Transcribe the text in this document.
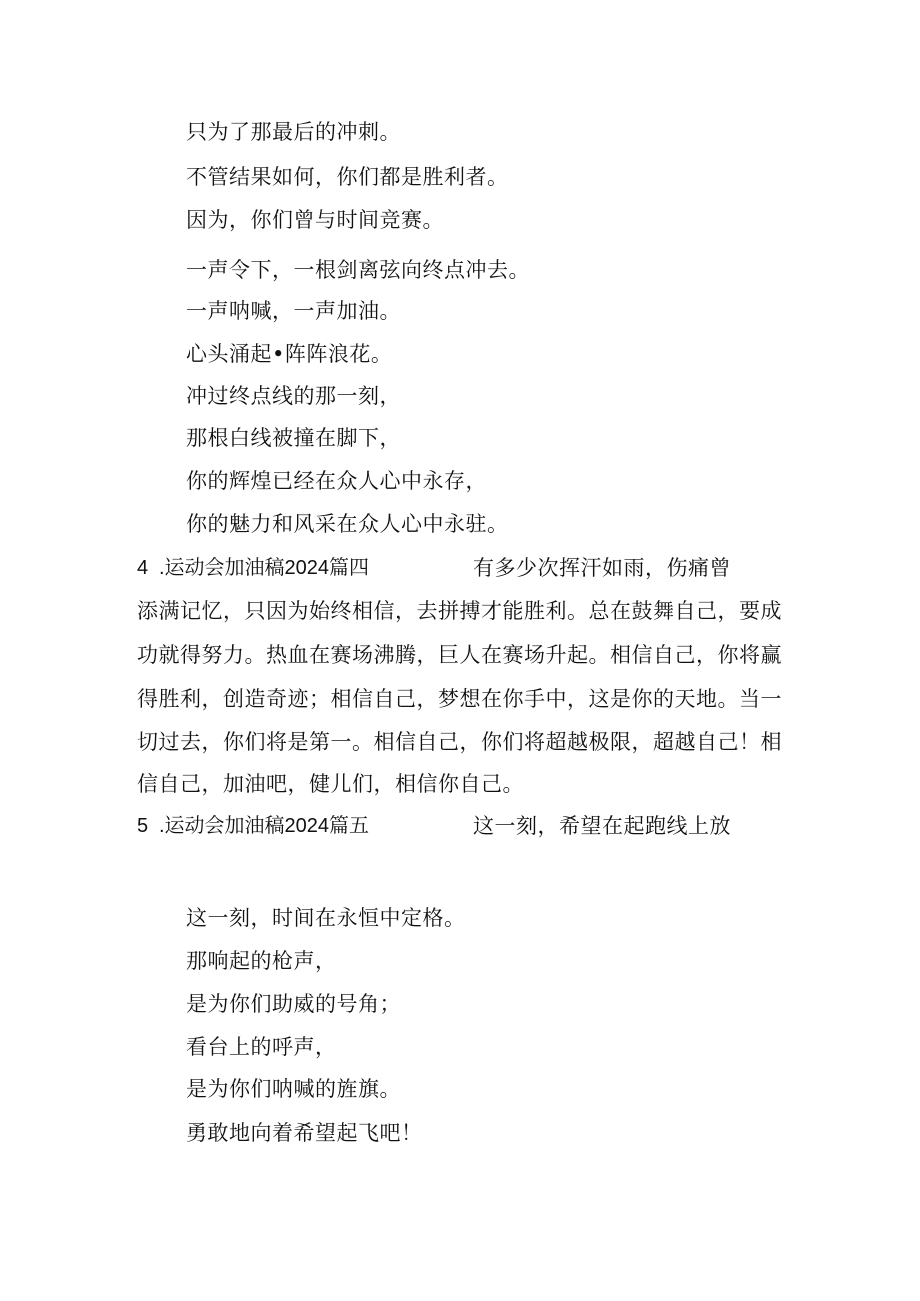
只为了那最后的冲刺。
不管结果如何，你们都是胜利者。
因为，你们曾与时间竞赛。
一声令下，一根剑离弦向终点冲去。
一声呐喊，一声加油。
心头涌起•阵阵浪花。
冲过终点线的那一刻，
那根白线被撞在脚下，
你的辉煌已经在众人心中永存，
你的魅力和风采在众人心中永驻。
4 .运动会加油稿2024篇四	有多少次挥汗如雨，伤痛曾
添满记忆，只因为始终相信，去拼搏才能胜利。总在鼓舞自己，要成
功就得努力。热血在赛场沸腾，巨人在赛场升起。相信自己，你将赢
得胜利，创造奇迹；相信自己，梦想在你手中，这是你的天地。当一
切过去，你们将是第一。相信自己，你们将超越极限，超越自己！相
信自己，加油吧，健儿们，相信你自己。
5 .运动会加油稿2024篇五	这一刻，希望在起跑线上放
这一刻，时间在永恒中定格。
那响起的枪声，
是为你们助威的号角；
看台上的呼声，
是为你们呐喊的旌旗。
勇敢地向着希望起飞吧！
